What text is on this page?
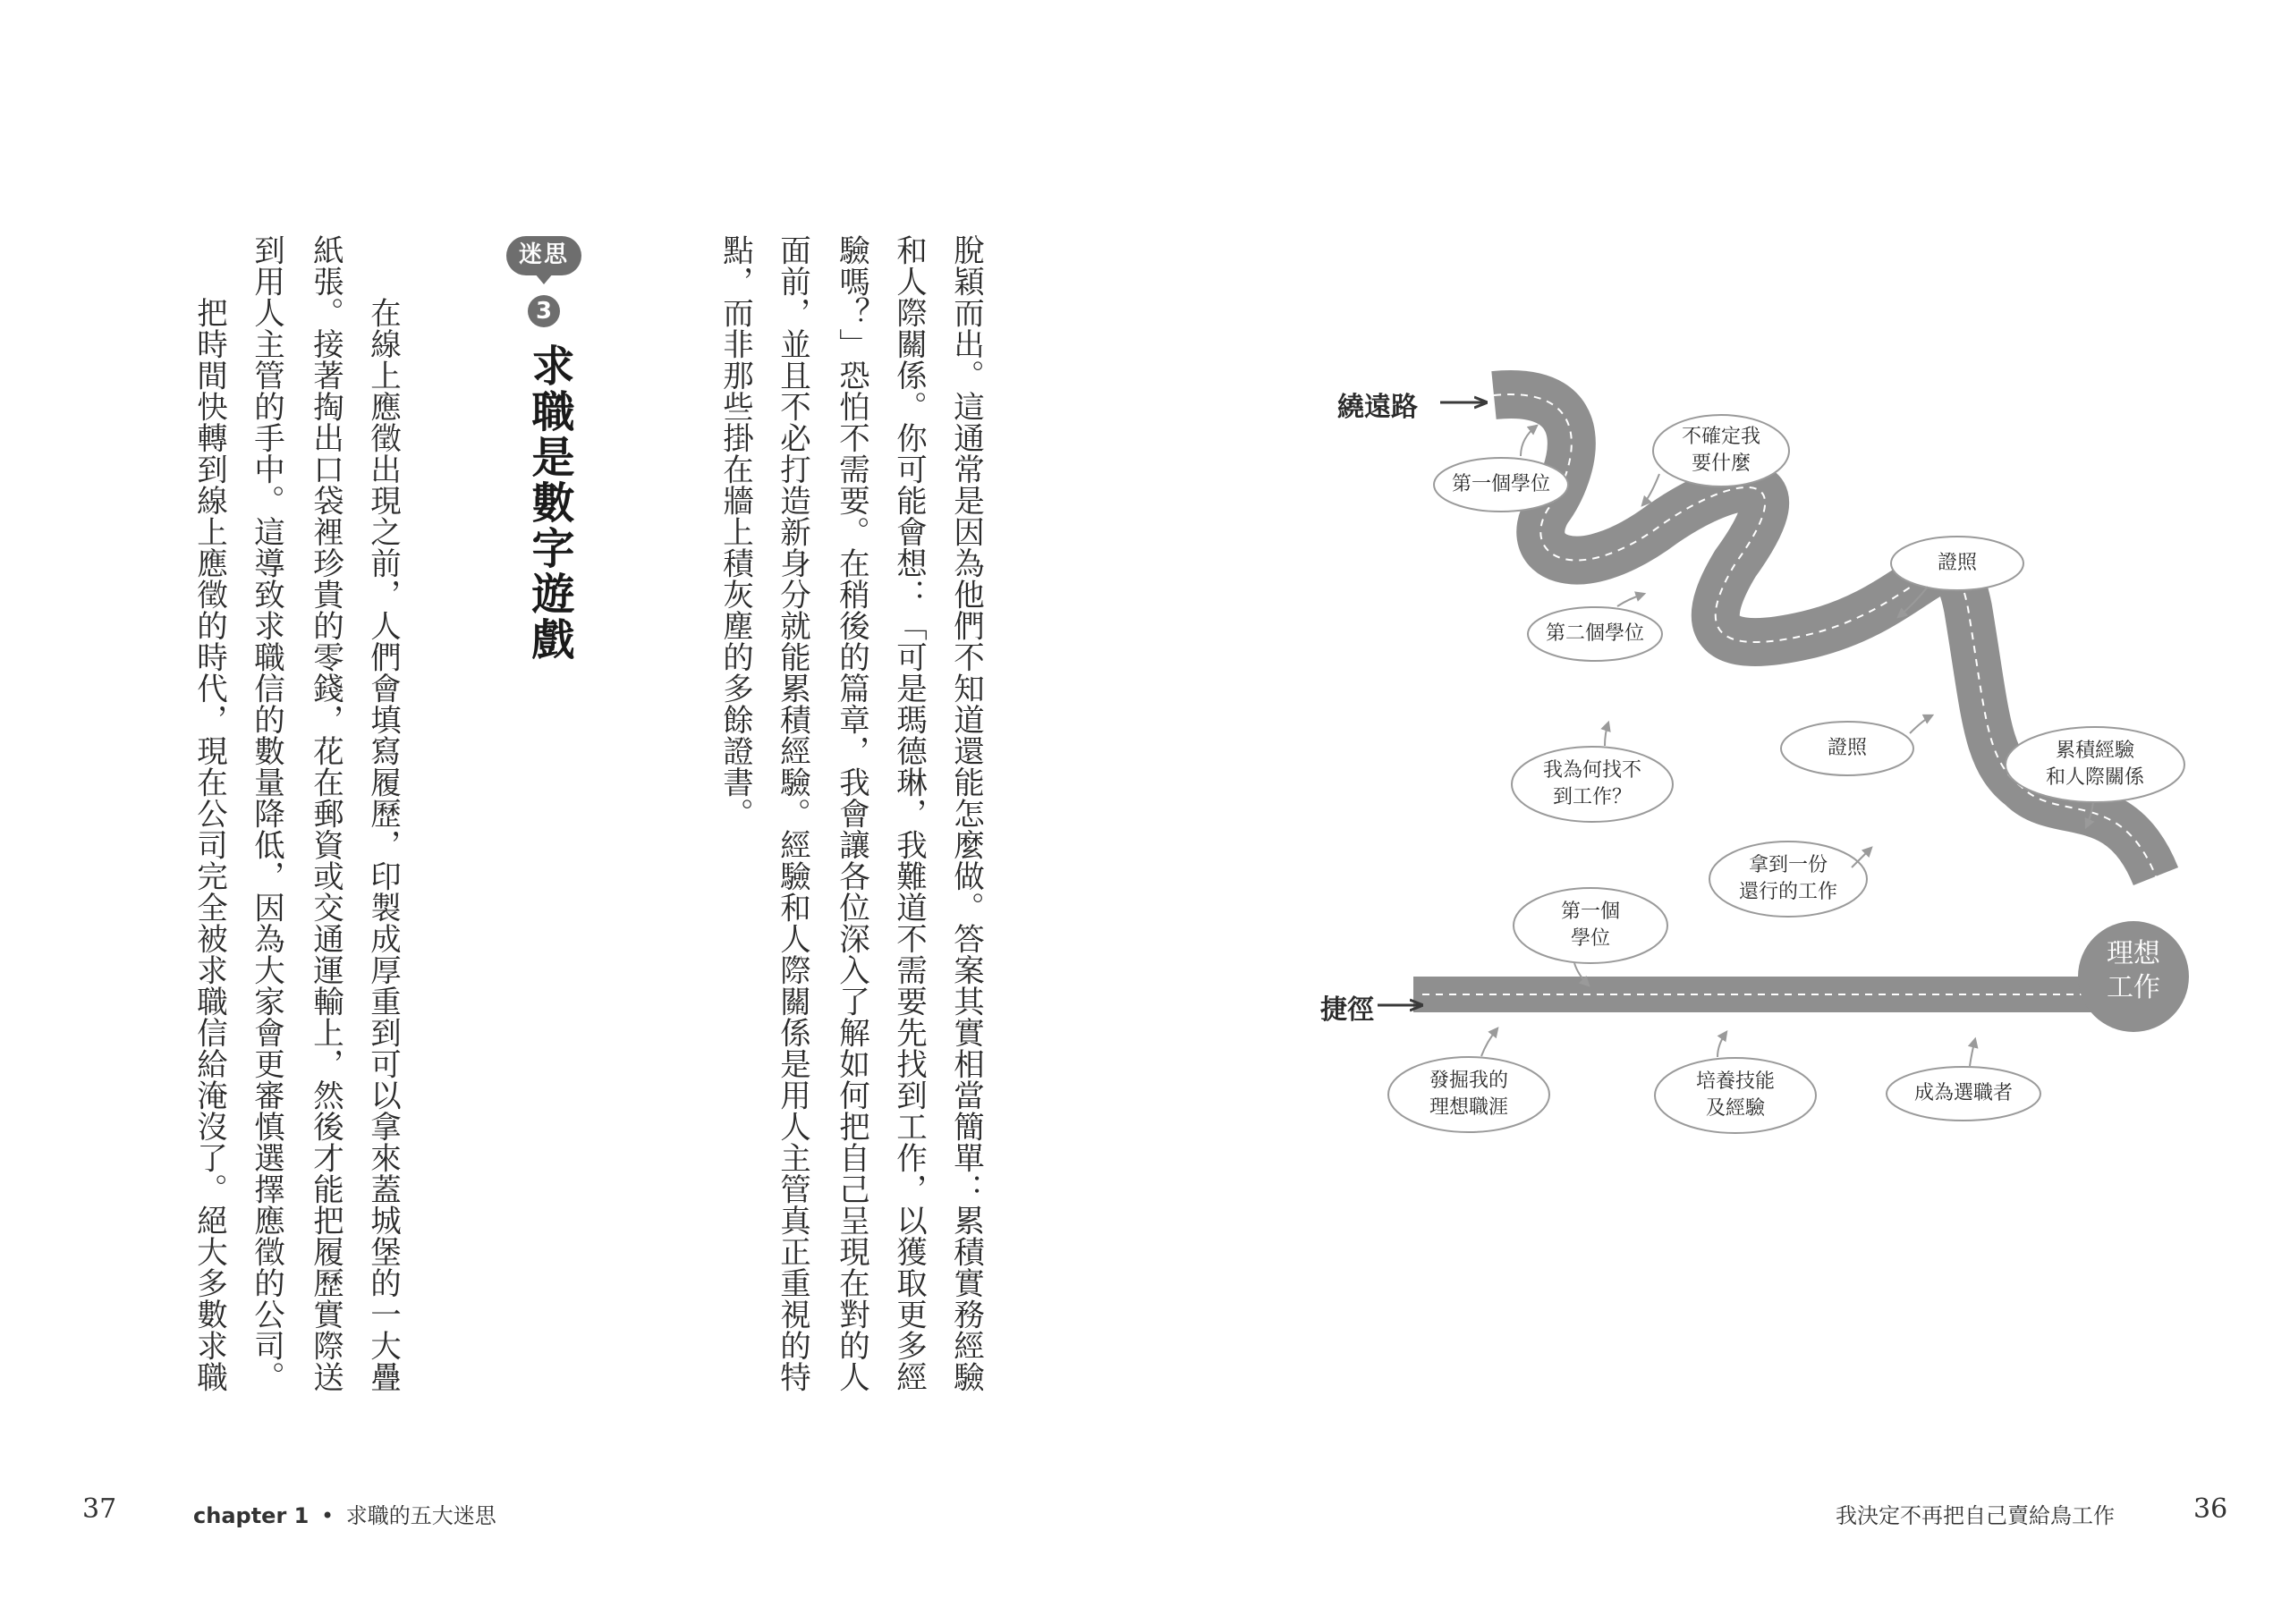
脫穎而出。這通常是因為他們不知道還能怎麼做。答案其實相當簡單：累積實務經驗
和人際關係。你可能會想：「可是瑪德琳，我難道不需要先找到工作，以獲取更多經
驗嗎？」恐怕不需要。在稍後的篇章，我會讓各位深入了解如何把自己呈現在對的人
面前，並且不必打造新身分就能累積經驗。經驗和人際關係是用人主管真正重視的特
點，而非那些掛在牆上積灰塵的多餘證書。
迷思
3
求職是數字遊戲
在線上應徵出現之前，人們會填寫履歷，印製成厚重到可以拿來蓋城堡的一大疊
紙張。接著掏出口袋裡珍貴的零錢，花在郵資或交通運輸上，然後才能把履歷實際送
到用人主管的手中。這導致求職信的數量降低，因為大家會更審慎選擇應徵的公司。
把時間快轉到線上應徵的時代，現在公司完全被求職信給淹沒了。絕大多數求職
37	chapter 1 • 求職的五大迷思
繞遠路
捷徑
理想
工作
第一個學位
不確定我
要什麼
證照
第二個學位
證照
我為何找不
到工作？
累積經驗
和人際關係
拿到一份
還行的工作
第一個
學位
發掘我的
理想職涯
培養技能
及經驗
成為選職者
我決定不再把自己賣給鳥工作	36
